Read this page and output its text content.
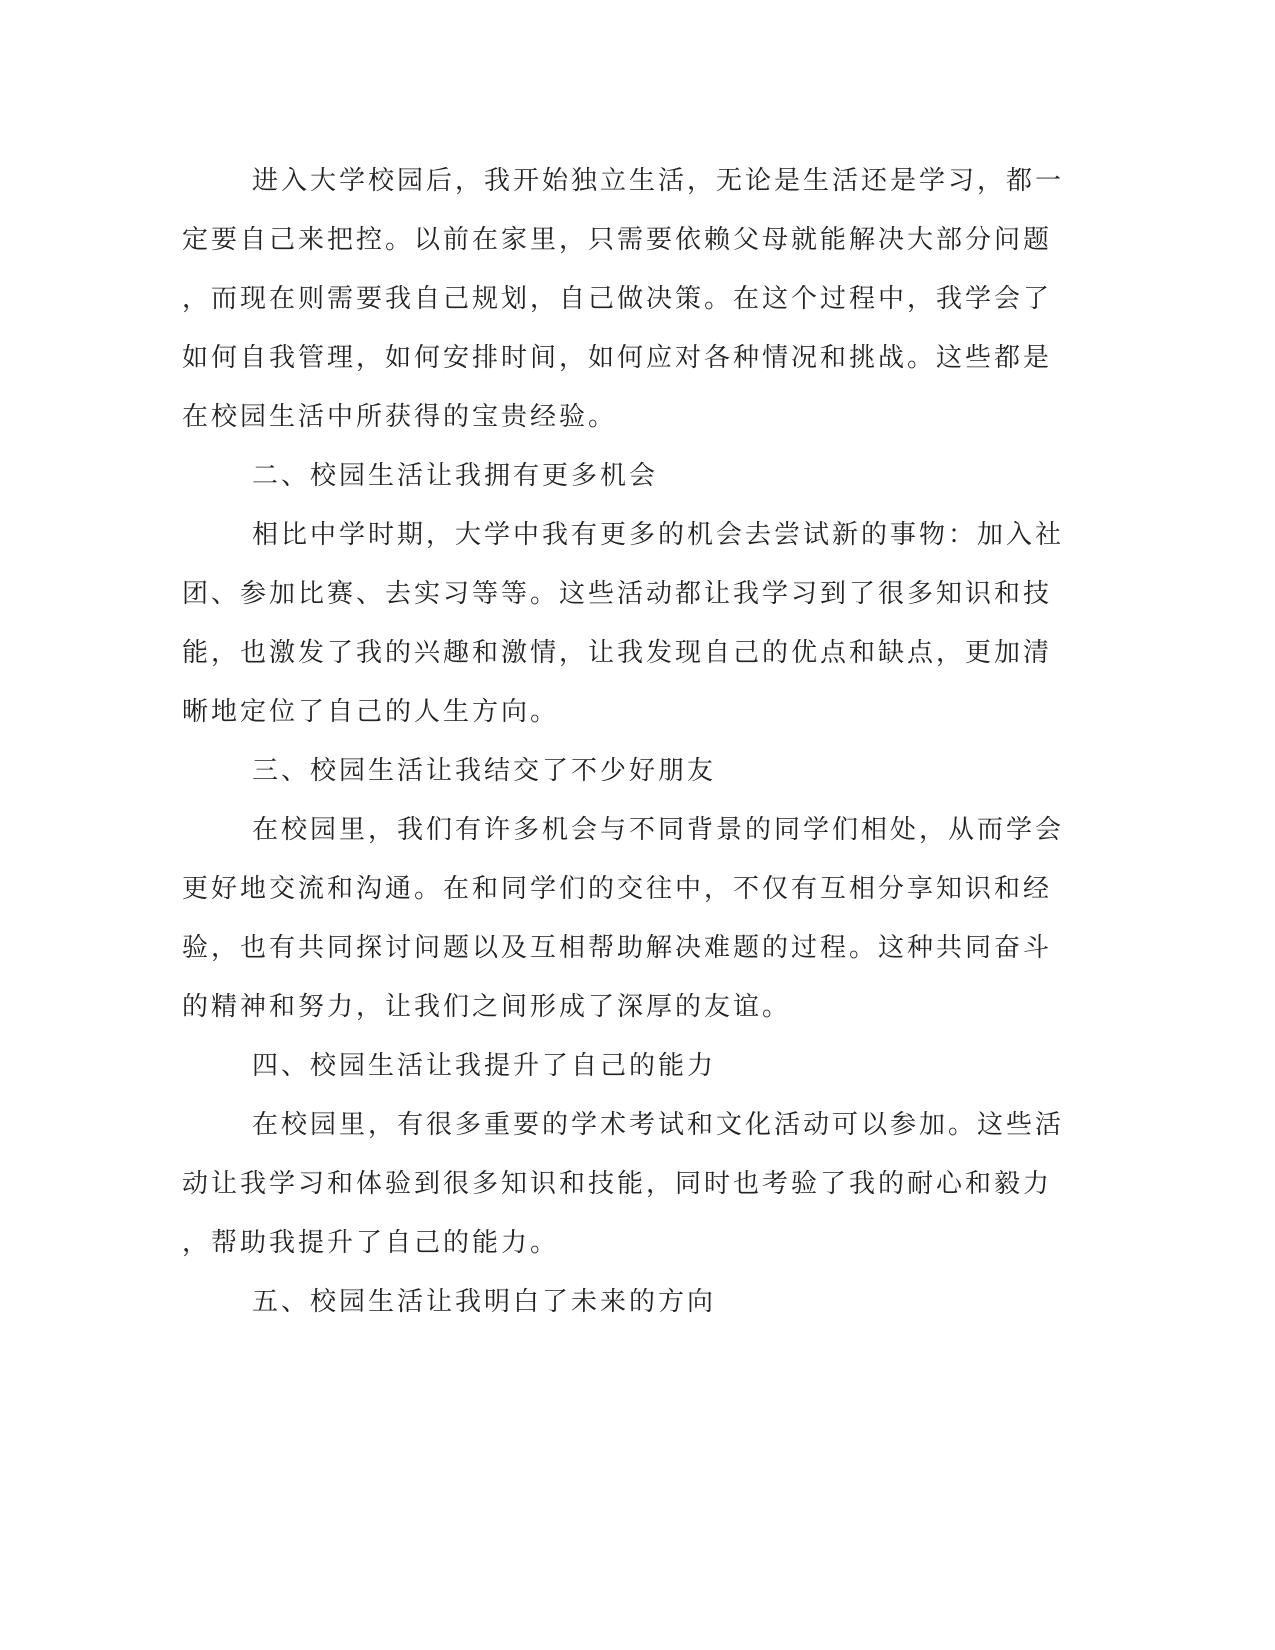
进入大学校园后，我开始独立生活，无论是生活还是学习，都一
定要自己来把控。以前在家里，只需要依赖父母就能解决大部分问题
，而现在则需要我自己规划，自己做决策。在这个过程中，我学会了
如何自我管理，如何安排时间，如何应对各种情况和挑战。这些都是
在校园生活中所获得的宝贵经验。
二、校园生活让我拥有更多机会
相比中学时期，大学中我有更多的机会去尝试新的事物：加入社
团、参加比赛、去实习等等。这些活动都让我学习到了很多知识和技
能，也激发了我的兴趣和激情，让我发现自己的优点和缺点，更加清
晰地定位了自己的人生方向。
三、校园生活让我结交了不少好朋友
在校园里，我们有许多机会与不同背景的同学们相处，从而学会
更好地交流和沟通。在和同学们的交往中，不仅有互相分享知识和经
验，也有共同探讨问题以及互相帮助解决难题的过程。这种共同奋斗
的精神和努力，让我们之间形成了深厚的友谊。
四、校园生活让我提升了自己的能力
在校园里，有很多重要的学术考试和文化活动可以参加。这些活
动让我学习和体验到很多知识和技能，同时也考验了我的耐心和毅力
，帮助我提升了自己的能力。
五、校园生活让我明白了未来的方向
